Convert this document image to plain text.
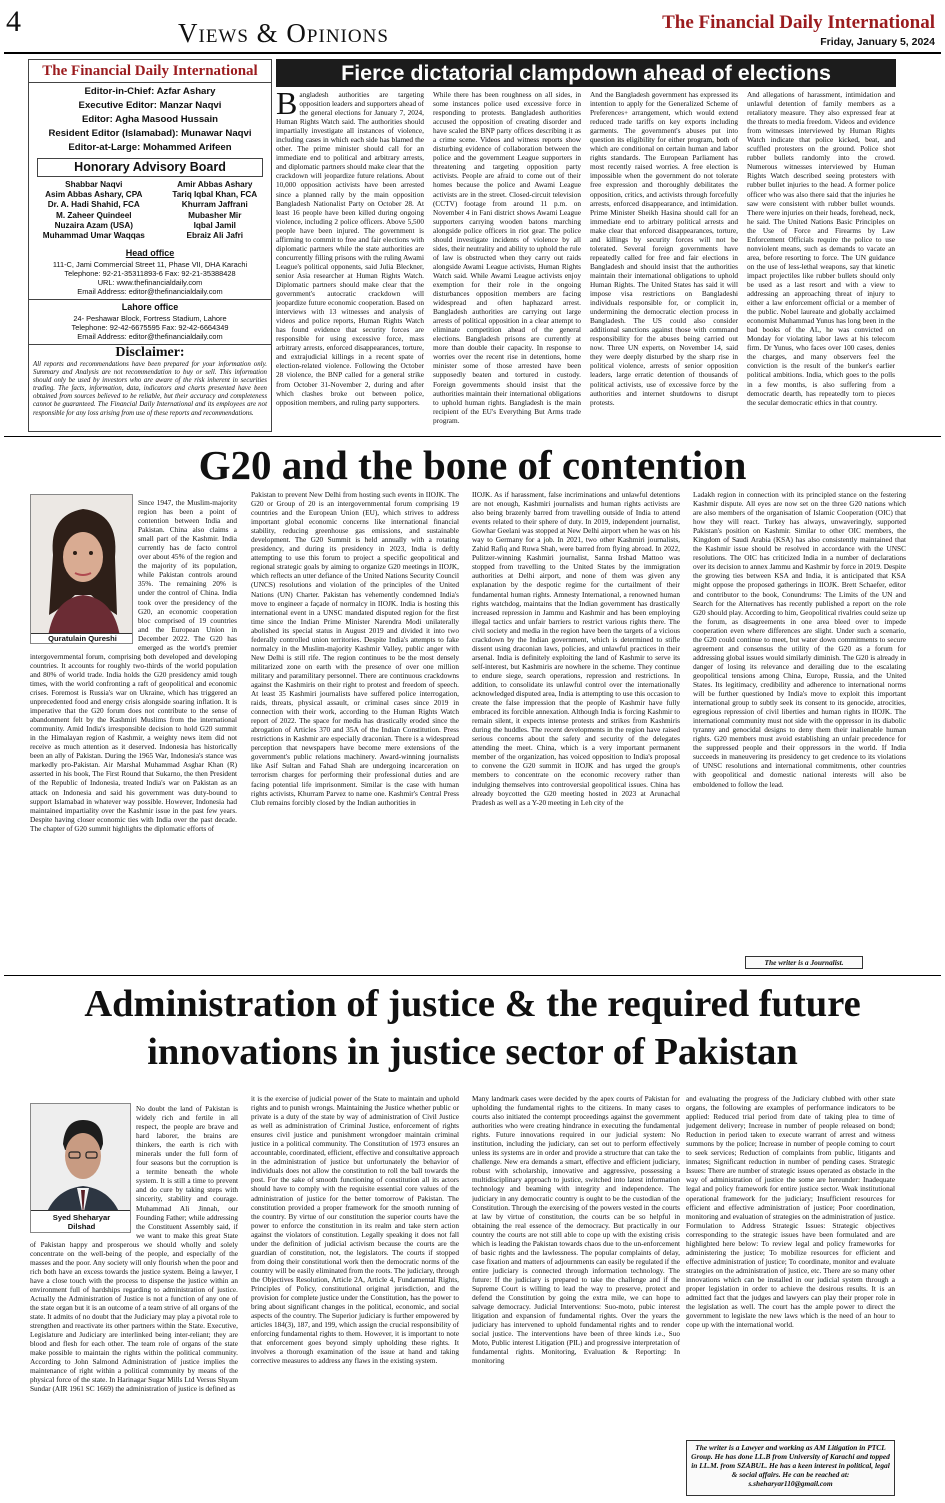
4	Views & Opinions	The Financial Daily International
Friday, January 5, 2024
The Financial Daily International
Editor-in-Chief: Azfar Ashary
Executive Editor: Manzar Naqvi
Editor: Agha Masood Hussain
Resident Editor (Islamabad): Munawar Naqvi
Editor-at-Large: Mohammed Arifeen
Honorary Advisory Board
Shabbar Naqvi
Asim Abbas Ashary, CPA
Dr. A. Hadi Shahid, FCA
M. Zaheer Quindeel
Nuzaira Azam (USA)
Muhammad Umar Waqqas
Amir Abbas Ashary
Tariq Iqbal Khan, FCA
Khurram Jaffrani
Mubasher Mir
Iqbal Jamil
Ebraiz Ali Jafri
Head office
111-C, Jami Commercial Street 11, Phase VII, DHA Karachi
Telephone: 92-21-35311893-6 Fax: 92-21-35388428
URL: www.thefinancialdaily.com
Email Address: editor@thefinancialdaily.com
Lahore office
24- Peshawar Block, Fortress Stadium, Lahore
Telephone: 92-42-6675595 Fax: 92-42-6664349
Email Address: editor@thefinancialdaily.com
Disclaimer:
All reports and recommendations have been prepared for your information only. Summary and Analysis are not recommendation to buy or sell. This information should only be used by investors who are aware of the risk inherent in securities trading. The facts, information, data, indicators and charts presented have been obtained from sources believed to be reliable, but their accuracy and completeness cannot be guaranteed. The Financial Daily International and its employees are not responsible for any loss arising from use of these reports and recommendations.
Fierce dictatorial clampdown ahead of elections
Bangladesh authorities are targeting opposition leaders and supporters ahead of the general elections for January 7, 2024, Human Rights Watch said. The authorities should impartially investigate all instances of violence, including cases in which each side has blamed the other. The prime minister should call for an immediate end to political and arbitrary arrests, and diplomatic partners should make clear that the crackdown will jeopardize future relations. About 10,000 opposition activists have been arrested since a planned rally by the main opposition Bangladesh Nationalist Party on October 28. At least 16 people have been killed during ongoing violence, including 2 police officers. Above 5,500 people have been injured. The government is affirming to commit to free and fair elections with diplomatic partners while the state authorities are concurrently filling prisons with the ruling Awami League's political opponents, said Julia Bleckner, senior Asia researcher at Human Rights Watch. Diplomatic partners should make clear that the government's autocratic crackdown will jeopardize future economic cooperation. Based on interviews with 13 witnesses and analysis of videos and police reports, Human Rights Watch has found evidence that security forces are responsible for using excessive force, mass arbitrary arrests, enforced disappearances, torture, and extrajudicial killings in a recent spate of election-related violence. Following the October 28 violence, the BNP called for a general strike from October 31-November 2, during and after which clashes broke out between police, opposition members, and ruling party supporters.
While there has been roughness on all sides, in some instances police used excessive force in responding to protests. Bangladesh authorities accused the opposition of creating disorder and have scaled the BNP party offices describing it as a crime scene. Videos and witness reports show disturbing evidence of collaboration between the police and the government League supporters in threatening and targeting opposition party activists. People are afraid to come out of their homes because the police and Awami League activists are in the street. Closed-circuit television (CCTV) footage from around 11 p.m. on November 4 in Fani district shows Awami League supporters carrying wooden batons marching alongside police officers in riot gear. The police should investigate incidents of violence by all sides, their neutrality and ability to uphold the rule of law is obstructed when they carry out raids alongside Awami League activists, Human Rights Watch said. While Awami League activists enjoy exemption for their role in the ongoing disturbances opposition members are facing widespread and often haphazard arrest. Bangladesh authorities are carrying out large arrests of political opposition in a clear attempt to eliminate competition ahead of the general elections. Bangladesh prisons are currently at more than double their capacity. In response to worries over the recent rise in detentions, home minister some of those arrested have been supposedly beaten and tortured in custody. Foreign governments should insist that the authorities maintain their international obligations to uphold human rights. Bangladesh is the main recipient of the EU's Everything But Arms trade program.
And the Bangladesh government has expressed its intention to apply for the Generalized Scheme of Preferences+ arrangement, which would extend reduced trade tariffs on key exports including garments. The government's abuses put into question its eligibility for either program, both of which are conditional on certain human and labor rights standards. The European Parliament has most recently raised worries. A free election is impossible when the government do not tolerate free expression and thoroughly debilitates the opposition, critics, and activists through forcefully arrests, enforced disappearance, and intimidation. Prime Minister Sheikh Hasina should call for an immediate end to arbitrary political arrests and make clear that enforced disappearances, torture, and killings by security forces will not be tolerated. Several foreign governments have repeatedly called for free and fair elections in Bangladesh and should insist that the authorities maintain their international obligations to uphold Human Rights. The United States has said it will impose visa restrictions on Bangladeshi individuals responsible for, or complicit in, undermining the democratic election process in Bangladesh. The US could also consider additional sanctions against those with command responsibility for the abuses being carried out now. Three UN experts, on November 14, said they were deeply disturbed by the sharp rise in political violence, arrests of senior opposition leaders, large erratic detention of thousands of political activists, use of excessive force by the authorities and internet shutdowns to disrupt protests.
And allegations of harassment, intimidation and unlawful detention of family members as a retaliatory measure. They also expressed fear at the threats to media freedom. Videos and evidence from witnesses interviewed by Human Rights Watch indicate that police kicked, beat, and scuffled protesters on the ground. Police shot rubber bullets randomly into the crowd. Numerous witnesses interviewed by Human Rights Watch described seeing protesters with rubber bullet injuries to the head. A former police officer who was also there said that the injuries he saw were consistent with rubber bullet wounds. There were injuries on their heads, forehead, neck, he said. The United Nations Basic Principles on the Use of Force and Firearms by Law Enforcement Officials require the police to use nonviolent means, such as demands to vacate an area, before resorting to force. The UN guidance on the use of less-lethal weapons, say that kinetic impact projectiles like rubber bullets should only be used as a last resort and with a view to addressing an approaching threat of injury to either a law enforcement official or a member of the public. Nobel laureate and globally acclaimed economist Muhammad Yunus has long been in the bad books of the AL, he was convicted on Monday for violating labor laws at his telecom firm. Dr Yunus, who faces over 100 cases, denies the charges, and many observers feel the conviction is the result of the bunker's earlier political ambitions. India, which goes to the polls in a few months, is also suffering from a democratic dearth, has repeatedly torn to pieces the secular democratic ethics in that country.
G20 and the bone of contention
Quratulain Qureshi
Since 1947, the Muslim-majority region has been a point of contention between India and Pakistan. China also claims a small part of the Kashmir. India currently has de facto control over about 45% of the region and the majority of its population, while Pakistan controls around 35%. The remaining 20% is under the control of China. India took over the presidency of the G20, an economic cooperation bloc comprised of 19 countries and the European Union in December 2022. The G20 has emerged as the world's premier intergovernmental forum, comprising both developed and developing countries. It accounts for roughly two-thirds of the world population and 80% of world trade. India holds the G20 presidency amid tough times, with the world confronting a raft of geopolitical and economic crises. Foremost is Russia's war on Ukraine, which has triggered an unprecedented food and energy crisis alongside soaring inflation. It is imperative that the G20 forum does not contribute to the sense of abandonment felt by the Kashmiri Muslims from the international community. Amid India's irresponsible decision to hold G20 summit in the Himalayan region of Kashmir, a weighty news item did not receive as much attention as it deserved. Indonesia has historically been an ally of Pakistan. During the 1965 War, Indonesia's stance was markedly pro-Pakistan. Air Marshal Muhammad Asghar Khan (R) asserted in his book, The First Round that Sukarno, the then President of the Republic of Indonesia, treated India's war on Pakistan as an attack on Indonesia and said his government was duty-bound to support Islamabad in whatever way possible. However, Indonesia had maintained impartiality over the Kashmir issue in the past few years. Despite having closer economic ties with India over the past decade. The chapter of G20 summit highlights the diplomatic efforts of
Pakistan to prevent New Delhi from hosting such events in IIOJK. The G20 or Group of 20 is an intergovernmental forum comprising 19 countries and the European Union (EU), which strives to address important global economic concerns like international financial stability, reducing greenhouse gas emissions, and sustainable development. The G20 Summit is held annually with a rotating presidency, and during its presidency in 2023, India is deftly attempting to use this forum to project a specific geopolitical and regional strategic goals by aiming to organize G20 meetings in IIOJK, which reflects an utter defiance of the United Nations Security Council (UNCS) resolutions and violation of the principles of the United Nations (UN) Charter. Pakistan has vehemently condemned India's move to engineer a façade of normalcy in IIOJK. India is hosting this international event in a UNSC mandated disputed region for the first time since the Indian Prime Minister Narendra Modi unilaterally abolished its special status in August 2019 and divided it into two federally controlled union territories. Despite India's attempts to fake normalcy in the Muslim-majority Kashmir Valley, public anger with New Delhi is still rife. The region continues to be the most densely militarized zone on earth with the presence of over one million military and paramilitary personnel. There are continuous crackdowns against the Kashmiris on their right to protest and freedom of speech. At least 35 Kashmiri journalists have suffered police interrogation, raids, threats, physical assault, or criminal cases since 2019 in connection with their work, according to the Human Rights Watch report of 2022. The space for media has drastically eroded since the abrogation of Articles 370 and 35A of the Indian Constitution. Press restrictions in Kashmir are especially draconian. There is a widespread perception that newspapers have become mere extensions of the government's public relations machinery. Award-winning journalists like Asif Sultan and Fahad Shah are undergoing incarceration on terrorism charges for performing their professional duties and are facing potential life imprisonment. Similar is the case with human rights activists, Khurram Parvez to name one. Kashmir's Central Press Club remains forcibly closed by the Indian authorities in
IIOJK. As if harassment, false incriminations and unlawful detentions are not enough, Kashmiri journalists and human rights activists are also being brazenly barred from travelling outside of India to attend events related to their sphere of duty. In 2019, independent journalist, Gowhar Geelani was stopped at New Delhi airport when he was on his way to Germany for a job. In 2021, two other Kashmiri journalists, Zahid Rafiq and Ruwa Shah, were barred from flying abroad. In 2022, Pulitzer-winning Kashmiri journalist, Sanna Irshad Mattoo was stopped from travelling to the United States by the immigration authorities at Delhi airport, and none of them was given any explanation by the despotic regime for the curtailment of their fundamental human rights. Amnesty International, a renowned human rights watchdog, maintains that the Indian government has drastically increased repression in Jammu and Kashmir and has been employing illegal tactics and unfair barriers to restrict various rights there. The civil society and media in the region have been the targets of a vicious crackdown by the Indian government, which is determined to stifle dissent using draconian laws, policies, and unlawful practices in their arsenal. India is definitely exploiting the land of Kashmir to serve its self-interest, but Kashmiris are nowhere in the scheme. They continue to endure siege, search operations, repression and restrictions. In addition, to consolidate its unlawful control over the internationally acknowledged disputed area, India is attempting to use this occasion to create the false impression that the people of Kashmir have fully embraced its forcible annexation. Although India is forcing Kashmir to remain silent, it expects intense protests and strikes from Kashmiris during the huddles. The recent developments in the region have raised serious concerns about the safety and security of the delegates attending the meet. China, which is a very important permanent member of the organization, has voiced opposition to India's proposal to convene the G20 summit in IIOJK and has urged the group's members to concentrate on the economic recovery rather than indulging themselves into controversial geopolitical issues. China has already boycotted the G20 meeting hosted in 2023 at Arunachal Pradesh as well as a Y-20 meeting in Leh city of the
Ladakh region in connection with its principled stance on the festering Kashmir dispute. All eyes are now set on the three G20 nations which are also members of the organisation of Islamic Cooperation (OIC) that how they will react. Turkey has always, unwaveringly, supported Pakistan's position on Kashmir. Similar to other OIC members, the Kingdom of Saudi Arabia (KSA) has also consistently maintained that the Kashmir issue should be resolved in accordance with the UNSC resolutions. The OIC has criticized India in a number of declarations over its decision to annex Jammu and Kashmir by force in 2019. Despite the growing ties between KSA and India, it is anticipated that KSA might oppose the proposed gatherings in IIOJK. Brett Schaefer, editor and contributor to the book, Conundrums: The Limits of the UN and Search for the Alternatives has recently published a report on the role G20 should play. According to him, Geopolitical rivalries could seize up the forum, as disagreements in one area bleed over to impede cooperation even where differences are slight. Under such a scenario, the G20 could continue to meet, but water down commitments to secure agreement and consensus the utility of the G20 as a forum for addressing global issues would similarly diminish. The G20 is already in danger of losing its relevance and derailing due to the escalating geopolitical tensions among China, Europe, Russia, and the United States. Its legitimacy, credibility and adherence to international norms will be further questioned by India's move to exploit this important international group to subtly seek its consent to its genocide, atrocities, egregious repression of civil liberties and human rights in IIOJK. The international community must not side with the oppressor in its diabolic tyranny and genocidal designs to deny them their inalienable human rights. G20 members must avoid establishing an unfair precedence for the suppressed people and their oppressors in the world. If India succeeds in maneuvering its presidency to get credence to its violations of UNSC resolutions and international commitments, other countries with geopolitical and domestic national interests will also be emboldened to follow the lead.
The writer is a Journalist.
Administration of justice & the required future
innovations in justice sector of Pakistan
Syed Sheharyar
Dilshad
No doubt the land of Pakistan is widely rich and fertile in all respect, the people are brave and hard laborer, the brains are thinkers, the earth is rich with minerals under the full form of four seasons but the corruption is a termite beneath the whole system. It is still a time to prevent and do cure by taking steps with sincerity, stability and courage. Muhammad Ali Jinnah, our Founding Father; while addressing the Constituent Assembly said, if we want to make this great State of Pakistan happy and prosperous we should wholly and solely concentrate on the well-being of the people, and especially of the masses and the poor. Any society will only flourish when the poor and rich both have an excess towards the justice system. Being a lawyer, I have a close touch with the process to dispense the justice within an environment full of hardships regarding to administration of justice. Actually the Administration of Justice is not a function of any one of the state organ but it is an outcome of a team strive of all organs of the state. It admits of no doubt that the Judiciary may play a pivotal role to strengthen and reactivate its other partners within the State. Executive, Legislature and Judiciary are interlinked being inter-reliant; they are blood and flesh for each other. The team role of organs of the state make possible to maintain the rights within the political community. According to John Salmond Administration of justice implies the maintenance of right within a political community by means of the physical force of the state. In Harinagar Sugar Mills Ltd Versus Shyam Sundar (AIR 1961 SC 1669) the administration of justice is defined as
it is the exercise of judicial power of the State to maintain and uphold rights and to punish wrongs. Maintaining the Justice whether public or private is a duty of the state by way of administration of Civil Justice as well as administration of Criminal Justice, enforcement of rights ensures civil justice and punishment wrongdoer maintain criminal justice in a political community. The Constitution of 1973 ensures an accountable, coordinated, efficient, effective and consultative approach in the administration of justice but unfortunately the behavior of individuals does not allow the constitution to roll the ball towards the post. For the sake of smooth functioning of constitution all its actors should have to comply with the requisite essential core values of the administration of justice for the better tomorrow of Pakistan. The constitution provided a proper framework for the smooth running of the country. By virtue of our constitution the superior courts have the power to enforce the constitution in its realm and take stern action against the violators of constitution. Legally speaking it does not fall under the definition of judicial activism because the courts are the guardian of constitution, not, the legislators. The courts if stopped from doing their constitutional work then the democratic norms of the country will be easily eliminated from the roots. The judiciary, through the Objectives Resolution, Article 2A, Article 4, Fundamental Rights, Principles of Policy, constitutional original jurisdiction, and the provision for complete justice under the Constitution, has the power to bring about significant changes in the political, economic, and social aspects of the country. The Superior judiciary is further empowered by articles 184(3), 187, and 199, which assign the crucial responsibility of enforcing fundamental rights to them. However, it is important to note that enforcement goes beyond simply upholding these rights. It involves a thorough examination of the issue at hand and taking corrective measures to address any flaws in the existing system.
Many landmark cases were decided by the apex courts of Pakistan for upholding the fundamental rights to the citizens. In many cases to courts also initiated the contempt proceedings against the government authorities who were creating hindrance in executing the fundamental rights. Future innovations required in our judicial system: No institution, including the judiciary, can set out to perform effectively unless its systems are in order and provide a structure that can take the challenge. New era demands a smart, effective and efficient judiciary, robust with scholarship, innovative and aggressive, possessing a multidisciplinary approach to justice, switched into latest information technology and beaming with integrity and independence. The judiciary in any democratic country is ought to be the custodian of the Constitution. Through the exercising of the powers vested in the courts at law by virtue of constitution, the courts can be so helpful in obtaining the real essence of the democracy. But practically in our country the courts are not still able to cope up with the existing crisis which is leading the Pakistan towards chaos due to the un-enforcement of basic rights and the lawlessness. The popular complaints of delay, case fixation and matters of adjournments can easily be regulated if the entire judiciary is connected through information technology. The future: If the judiciary is prepared to take the challenge and if the Supreme Court is willing to lead the way to preserve, protect and defend the Constitution by going the extra mile, we can hope to salvage democracy. Judicial Interventions: Suo-moto, pubic interest litigation and expansion of fundamental rights. Over the years the judiciary has intervened to uphold fundamental rights and to render social justice. The interventions have been of three kinds i.e., Suo Moto, Public interest Litigation (PIL) and progressive interpretation of fundamental rights. Monitoring, Evaluation & Reporting: In monitoring
and evaluating the progress of the Judiciary clubbed with other state organs, the following are examples of performance indicators to be applied: Reduced trial period from date of taking plea to time of judgement delivery; Increase in number of people released on bond; Reduction in period taken to execute warrant of arrest and witness summons by the police; Increase in number of people coming to court to seek services; Reduction of complaints from public, litigants and inmates; Significant reduction in number of pending cases. Strategic Issues: There are number of strategic issues operated as obstacle in the way of administration of justice the some are hereunder: Inadequate legal and policy framework for entire justice sector. Weak institutional operational framework for the judiciary; Insufficient resources for efficient and effective administration of justice; Poor coordination, monitoring and evaluation of strategies on the administration of justice. Formulation to Address Strategic Issues: Strategic objectives corresponding to the strategic issues have been formulated and are highlighted here below: To review legal and policy frameworks for administering the justice; To mobilize resources for efficient and effective administration of justice; To coordinate, monitor and evaluate strategies on the administration of justice, etc. There are so many other innovations which can be installed in our judicial system through a proper legislation in order to achieve the desirous results. It is an admitted fact that the judges and lawyers can play their proper role in the legislation as well. The court has the ample power to direct the government to legislate the new laws which is the need of an hour to cope up with the international world.
The writer is a Lawyer and working as AM Litigation in PTCL Group. He has done LL.B from University of Karachi and topped in LL.M. from SZABUL. He has a keen interest in political, legal & social affairs. He can be reached at: s.sheharyar110@gmail.com
